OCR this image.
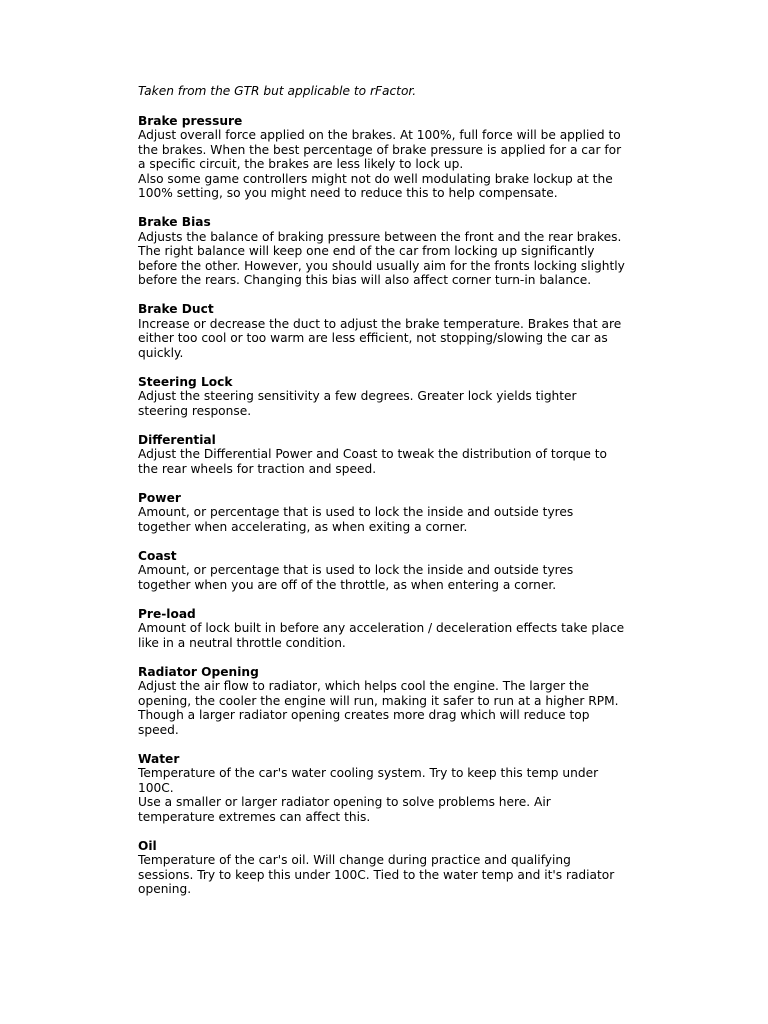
Taken from the GTR but applicable to rFactor.
Brake pressure
Adjust overall force applied on the brakes. At 100%, full force will be applied to the brakes. When the best percentage of brake pressure is applied for a car for a specific circuit, the brakes are less likely to lock up.
Also some game controllers might not do well modulating brake lockup at the 100% setting, so you might need to reduce this to help compensate.
Brake Bias
Adjusts the balance of braking pressure between the front and the rear brakes. The right balance will keep one end of the car from locking up significantly before the other. However, you should usually aim for the fronts locking slightly before the rears. Changing this bias will also affect corner turn-in balance.
Brake Duct
Increase or decrease the duct to adjust the brake temperature. Brakes that are either too cool or too warm are less efficient, not stopping/slowing the car as quickly.
Steering Lock
Adjust the steering sensitivity a few degrees. Greater lock yields tighter steering response.
Differential
Adjust the Differential Power and Coast to tweak the distribution of torque to the rear wheels for traction and speed.
Power
Amount, or percentage that is used to lock the inside and outside tyres together when accelerating, as when exiting a corner.
Coast
Amount, or percentage that is used to lock the inside and outside tyres together when you are off of the throttle, as when entering a corner.
Pre-load
Amount of lock built in before any acceleration / deceleration effects take place like in a neutral throttle condition.
Radiator Opening
Adjust the air flow to radiator, which helps cool the engine. The larger the opening, the cooler the engine will run, making it safer to run at a higher RPM. Though a larger radiator opening creates more drag which will reduce top speed.
Water
Temperature of the car's water cooling system. Try to keep this temp under 100C.
Use a smaller or larger radiator opening to solve problems here. Air temperature extremes can affect this.
Oil
Temperature of the car's oil. Will change during practice and qualifying sessions. Try to keep this under 100C. Tied to the water temp and it's radiator opening.
